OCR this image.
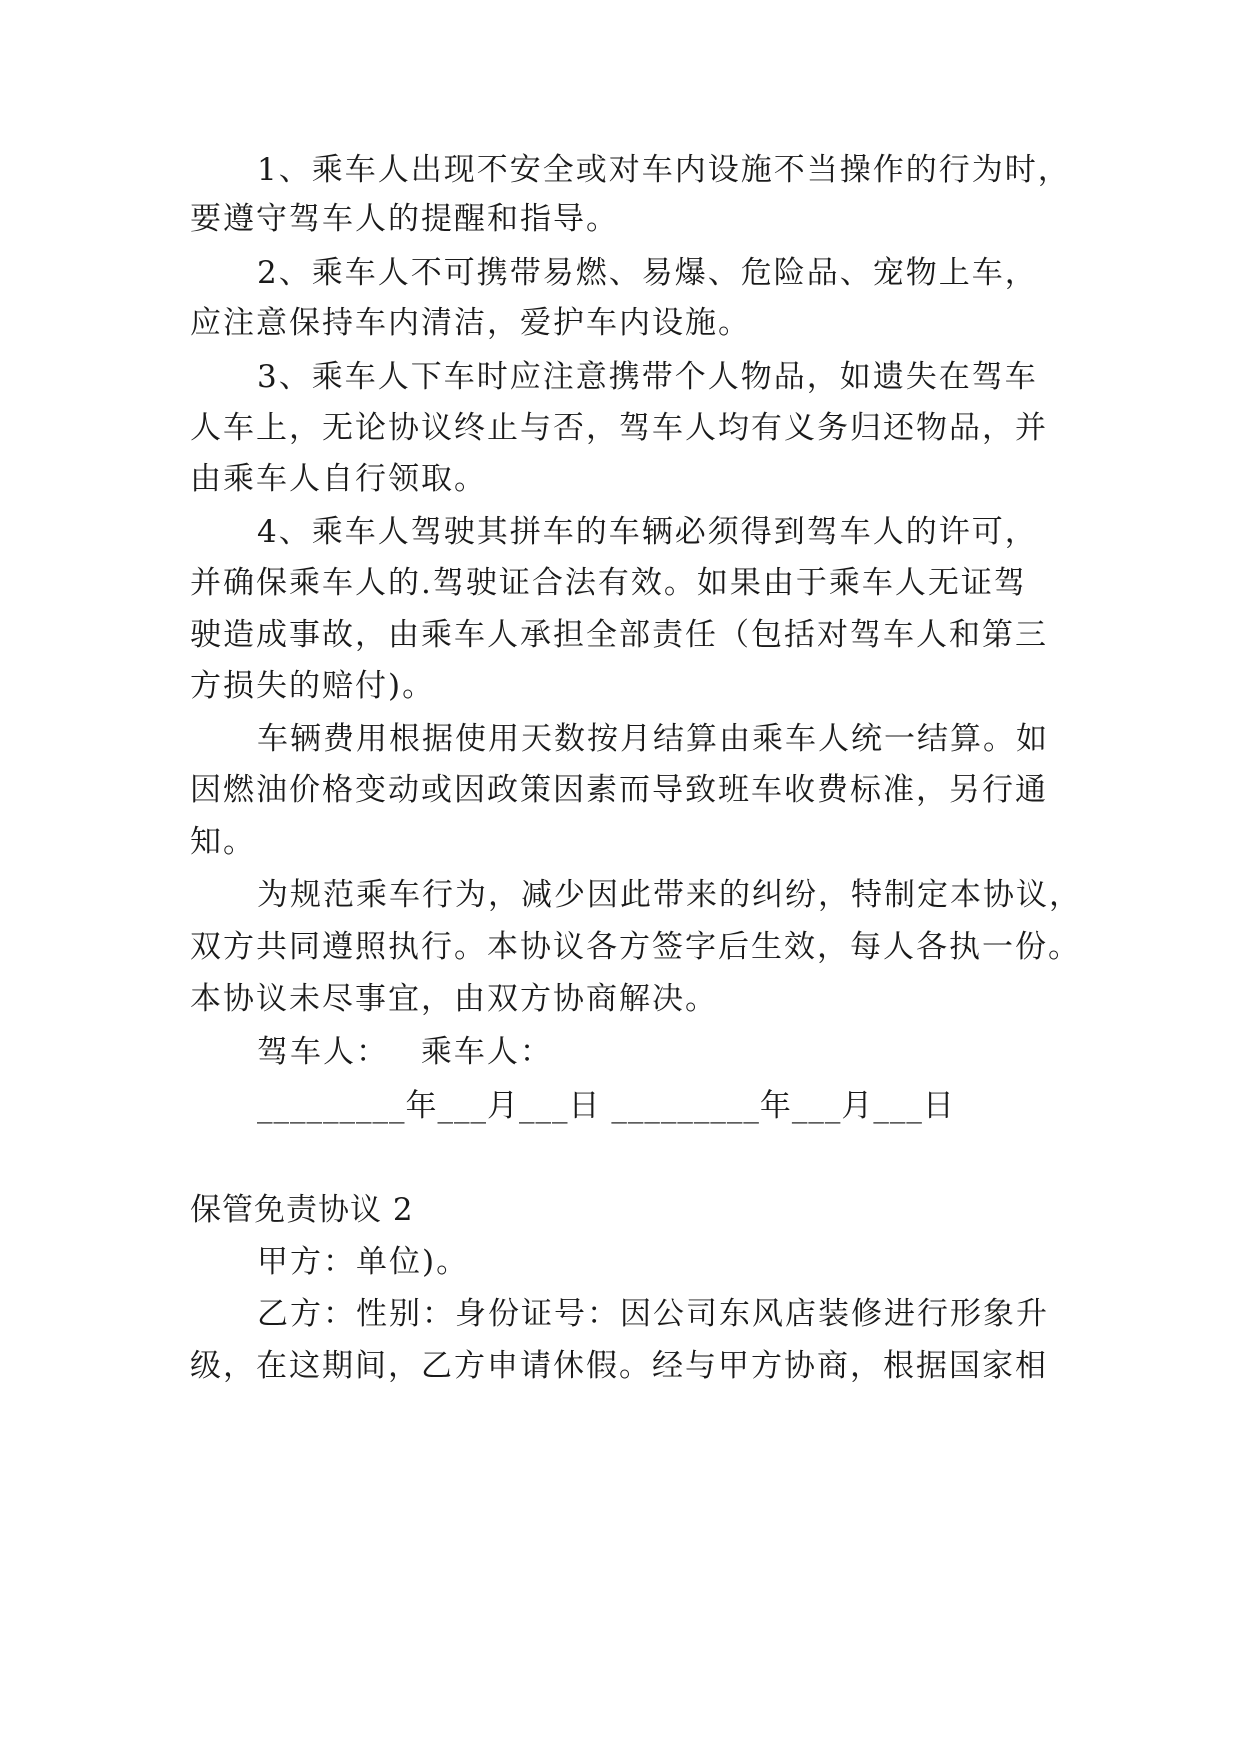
1、乘车人出现不安全或对车内设施不当操作的行为时，
要遵守驾车人的提醒和指导。
2、乘车人不可携带易燃、易爆、危险品、宠物上车，
应注意保持车内清洁，爱护车内设施。
3、乘车人下车时应注意携带个人物品，如遗失在驾车
人车上，无论协议终止与否，驾车人均有义务归还物品，并
由乘车人自行领取。
4、乘车人驾驶其拼车的车辆必须得到驾车人的许可，
并确保乘车人的.驾驶证合法有效。如果由于乘车人无证驾
驶造成事故，由乘车人承担全部责任（包括对驾车人和第三
方损失的赔付)。
车辆费用根据使用天数按月结算由乘车人统一结算。如
因燃油价格变动或因政策因素而导致班车收费标准，另行通
知。
为规范乘车行为，减少因此带来的纠纷，特制定本协议，
双方共同遵照执行。本协议各方签字后生效，每人各执一份。
本协议未尽事宜，由双方协商解决。
驾车人： 乘车人：
_________年___月___日 _________年___月___日
保管免责协议 2
甲方：单位)。
乙方：性别：身份证号：因公司东风店装修进行形象升
级，在这期间，乙方申请休假。经与甲方协商，根据国家相
